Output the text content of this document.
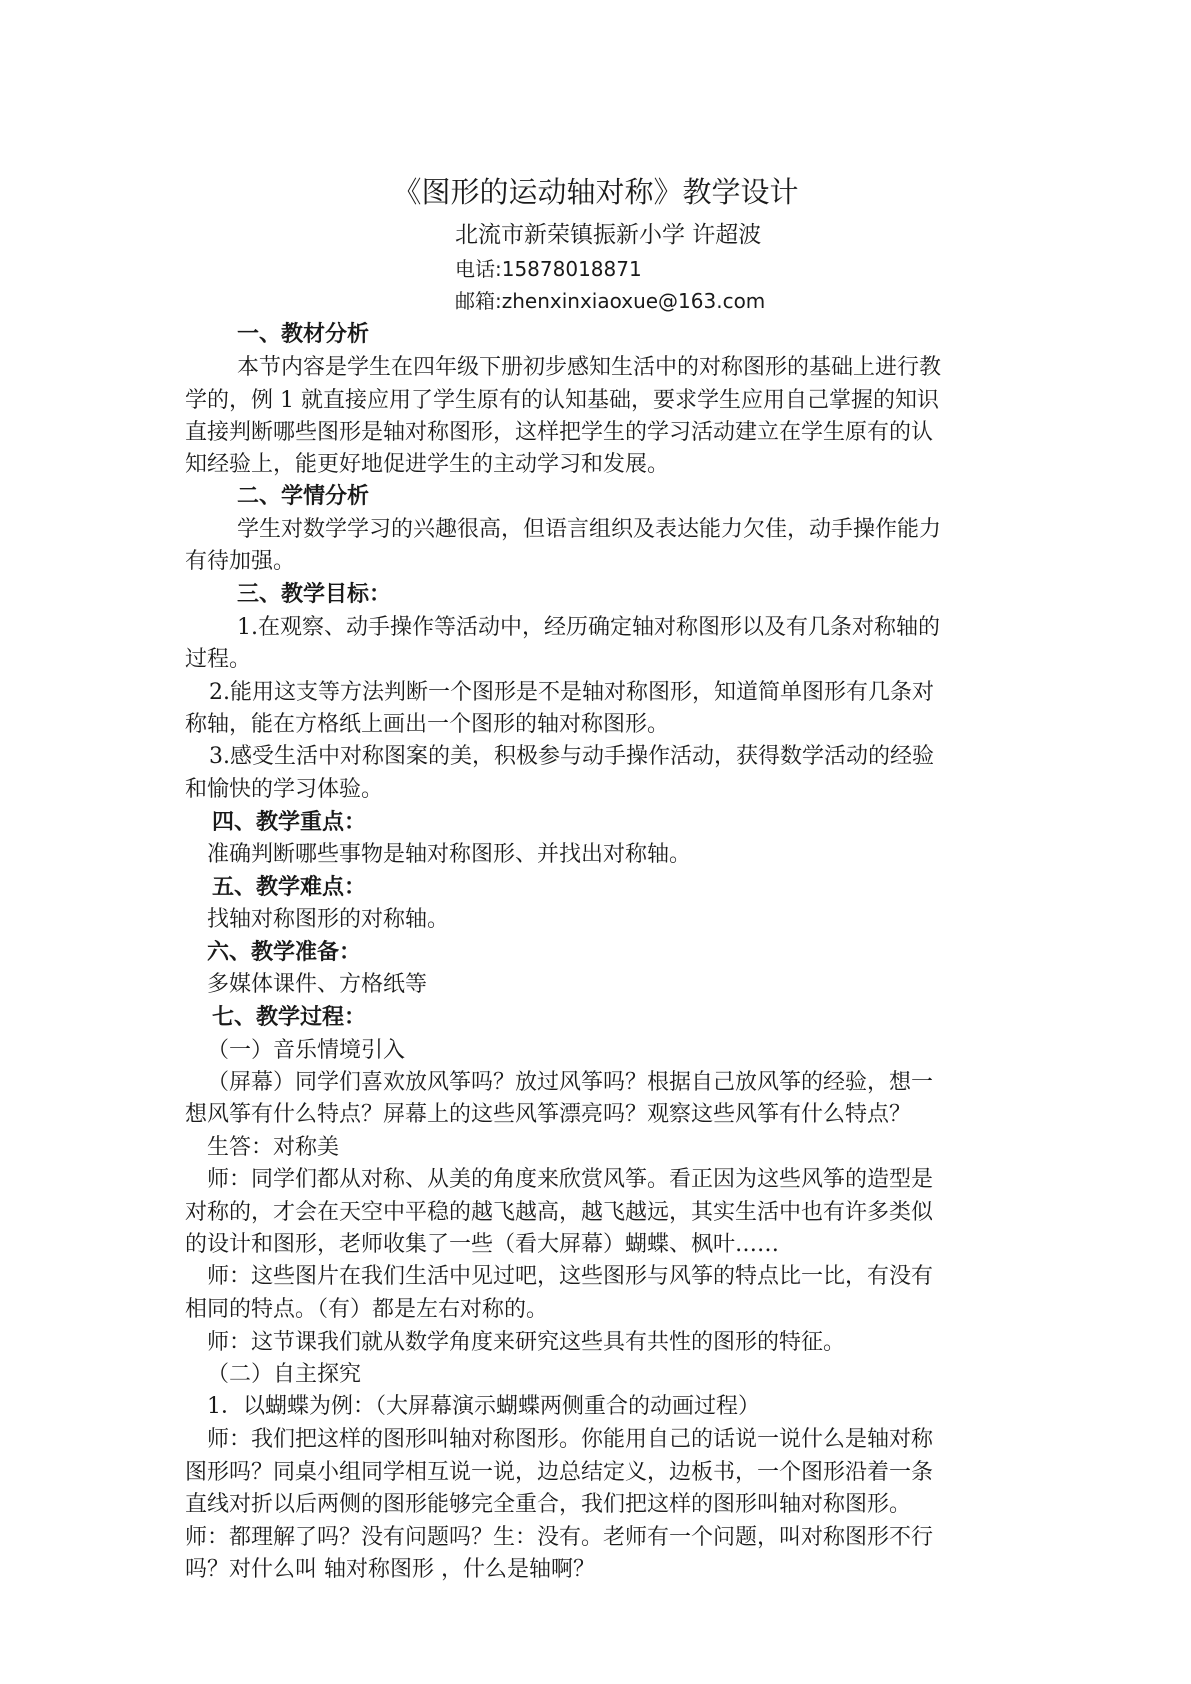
《图形的运动轴对称》教学设计
北流市新荣镇振新小学 许超波
电话:15878018871
邮箱:zhenxinxiaoxue@163.com
一、教材分析
本节内容是学生在四年级下册初步感知生活中的对称图形的基础上进行教
学的，例 1 就直接应用了学生原有的认知基础，要求学生应用自己掌握的知识
直接判断哪些图形是轴对称图形，这样把学生的学习活动建立在学生原有的认
知经验上，能更好地促进学生的主动学习和发展。
二、学情分析
学生对数学学习的兴趣很高，但语言组织及表达能力欠佳，动手操作能力
有待加强。
三、教学目标：
1.在观察、动手操作等活动中，经历确定轴对称图形以及有几条对称轴的
过程。
2.能用这支等方法判断一个图形是不是轴对称图形，知道简单图形有几条对
称轴，能在方格纸上画出一个图形的轴对称图形。
3.感受生活中对称图案的美，积极参与动手操作活动，获得数学活动的经验
和愉快的学习体验。
四、教学重点：
准确判断哪些事物是轴对称图形、并找出对称轴。
五、教学难点：
找轴对称图形的对称轴。
六、教学准备：
多媒体课件、方格纸等
七、教学过程：
（一）音乐情境引入
（屏幕）同学们喜欢放风筝吗？放过风筝吗？根据自己放风筝的经验，想一
想风筝有什么特点？屏幕上的这些风筝漂亮吗？观察这些风筝有什么特点？
生答：对称美
师：同学们都从对称、从美的角度来欣赏风筝。看正因为这些风筝的造型是
对称的，才会在天空中平稳的越飞越高，越飞越远，其实生活中也有许多类似
的设计和图形，老师收集了一些（看大屏幕）蝴蝶、枫叶……
师：这些图片在我们生活中见过吧，这些图形与风筝的特点比一比，有没有
相同的特点。（有）都是左右对称的。
师：这节课我们就从数学角度来研究这些具有共性的图形的特征。
（二）自主探究
1．以蝴蝶为例：（大屏幕演示蝴蝶两侧重合的动画过程）
师：我们把这样的图形叫轴对称图形。你能用自己的话说一说什么是轴对称
图形吗？同桌小组同学相互说一说，边总结定义，边板书，一个图形沿着一条
直线对折以后两侧的图形能够完全重合，我们把这样的图形叫轴对称图形。
师：都理解了吗？没有问题吗？生：没有。老师有一个问题，叫对称图形不行
吗？对什么叫 轴对称图形 ，什么是轴啊？
